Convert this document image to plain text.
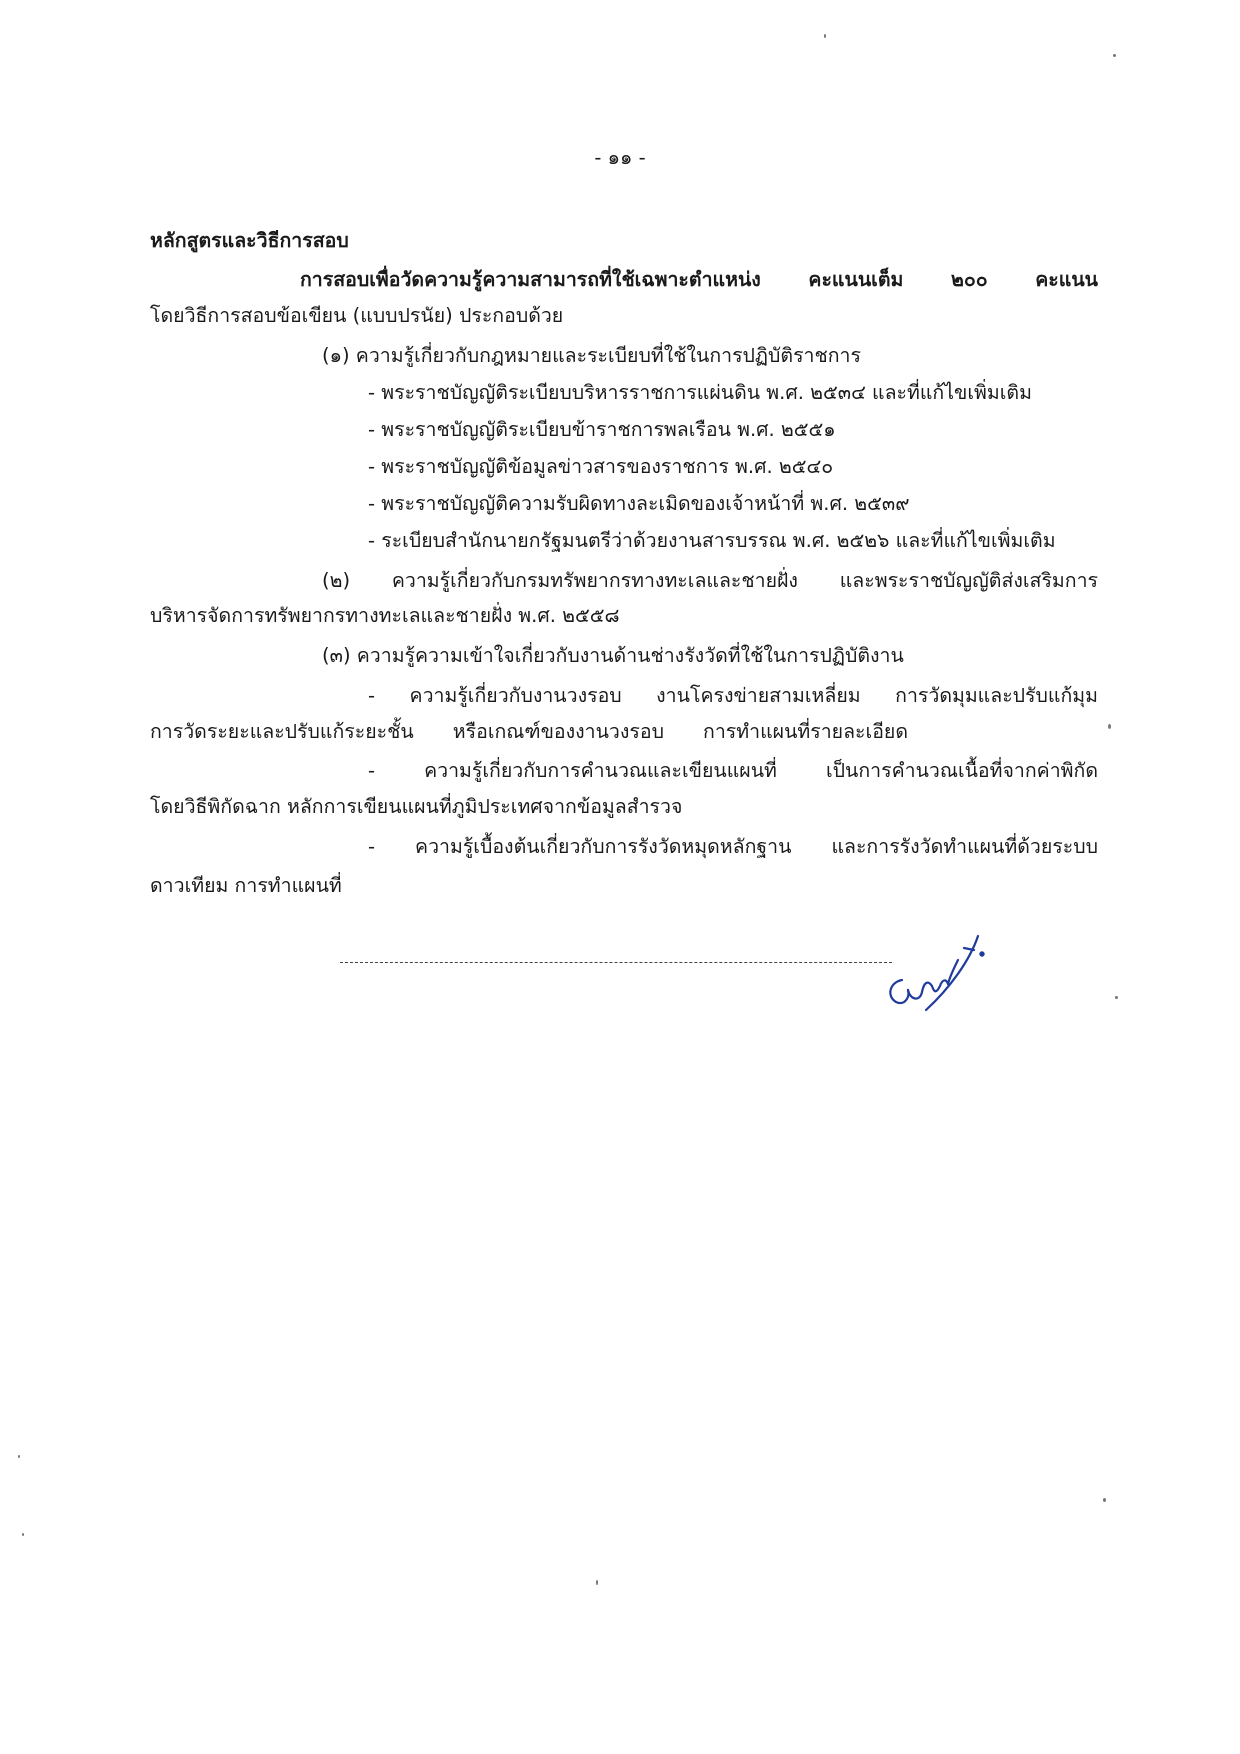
- ๑๑ -
หลักสูตรและวิธีการสอบ
การสอบเพื่อวัดความรู้ความสามารถที่ใช้เฉพาะตำแหน่ง คะแนนเต็ม ๒๐๐ คะแนน
โดยวิธีการสอบข้อเขียน (แบบปรนัย) ประกอบด้วย
(๑) ความรู้เกี่ยวกับกฎหมายและระเบียบที่ใช้ในการปฏิบัติราชการ
- พระราชบัญญัติระเบียบบริหารราชการแผ่นดิน พ.ศ. ๒๕๓๔ และที่แก้ไขเพิ่มเติม
- พระราชบัญญัติระเบียบข้าราชการพลเรือน พ.ศ. ๒๕๕๑
- พระราชบัญญัติข้อมูลข่าวสารของราชการ พ.ศ. ๒๕๔๐
- พระราชบัญญัติความรับผิดทางละเมิดของเจ้าหน้าที่ พ.ศ. ๒๕๓๙
- ระเบียบสำนักนายกรัฐมนตรีว่าด้วยงานสารบรรณ พ.ศ. ๒๕๒๖ และที่แก้ไขเพิ่มเติม
(๒) ความรู้เกี่ยวกับกรมทรัพยากรทางทะเลและชายฝั่ง และพระราชบัญญัติส่งเสริมการ
บริหารจัดการทรัพยากรทางทะเลและชายฝั่ง พ.ศ. ๒๕๕๘
(๓) ความรู้ความเข้าใจเกี่ยวกับงานด้านช่างรังวัดที่ใช้ในการปฏิบัติงาน
- ความรู้เกี่ยวกับงานวงรอบ งานโครงข่ายสามเหลี่ยม การวัดมุมและปรับแก้มุม
การวัดระยะและปรับแก้ระยะชั้น หรือเกณฑ์ของงานวงรอบ การทำแผนที่รายละเอียด
- ความรู้เกี่ยวกับการคำนวณและเขียนแผนที่ เป็นการคำนวณเนื้อที่จากค่าพิกัด
โดยวิธีพิกัดฉาก หลักการเขียนแผนที่ภูมิประเทศจากข้อมูลสำรวจ
- ความรู้เบื้องต้นเกี่ยวกับการรังวัดหมุดหลักฐาน และการรังวัดทำแผนที่ด้วยระบบ
ดาวเทียม การทำแผนที่
